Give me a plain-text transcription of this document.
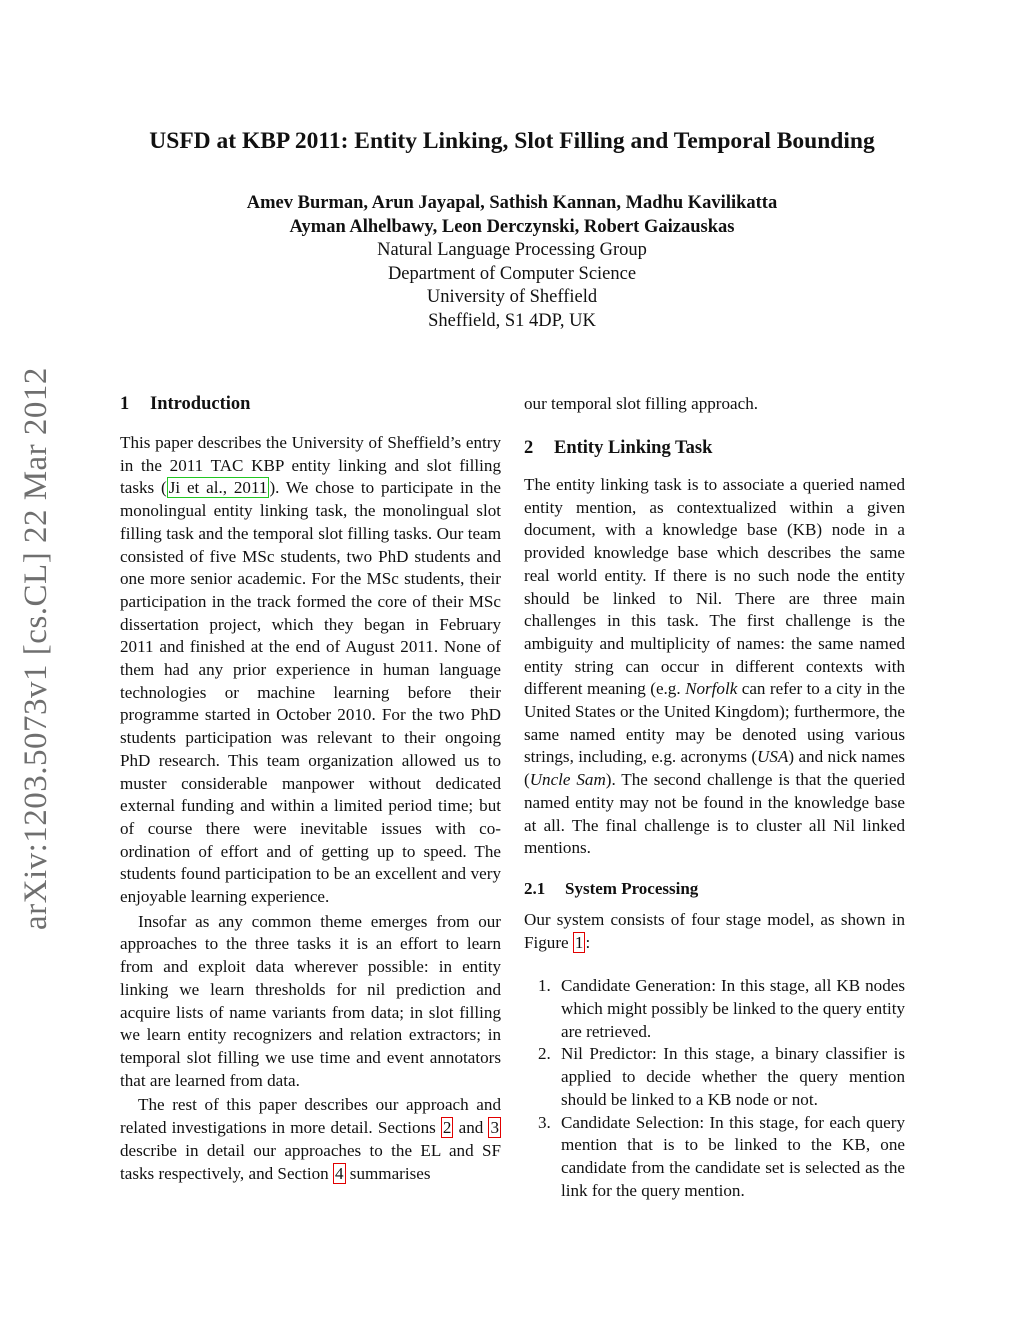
arXiv:1203.5073v1 [cs.CL] 22 Mar 2012
USFD at KBP 2011: Entity Linking, Slot Filling and Temporal Bounding
Amev Burman, Arun Jayapal, Sathish Kannan, Madhu Kavilikatta
Ayman Alhelbawy, Leon Derczynski, Robert Gaizauskas
Natural Language Processing Group
Department of Computer Science
University of Sheffield
Sheffield, S1 4DP, UK
1 Introduction

This paper describes the University of Sheffield’s entry in the 2011 TAC KBP entity linking and slot filling tasks ( Ji et al., 2011 ). We chose to participate in the monolingual entity linking task, the monolingual slot filling task and the temporal slot filling tasks. Our team consisted of five MSc students, two PhD students and one more senior academic. For the MSc students, their participation in the track formed the core of their MSc dissertation project, which they began in February 2011 and finished at the end of August 2011. None of them had any prior experience in human language technologies or machine learning before their programme started in October 2010. For the two PhD students participation was relevant to their ongoing PhD research. This team organization allowed us to muster considerable manpower without dedicated external funding and within a limited period time; but of course there were inevitable issues with co-ordination of effort and of getting up to speed. The students found participation to be an excellent and very enjoyable learning experience.

Insofar as any common theme emerges from our approaches to the three tasks it is an effort to learn from and exploit data wherever possible: in entity linking we learn thresholds for nil prediction and acquire lists of name variants from data; in slot filling we learn entity recognizers and relation extractors; in temporal slot filling we use time and event annotators that are learned from data.

The rest of this paper describes our approach and related investigations in more detail. Sections 2 and 3 describe in detail our approaches to the EL and SF tasks respectively, and Section 4 summarises

our temporal slot filling approach.

2 Entity Linking Task

The entity linking task is to associate a queried named entity mention, as contextualized within a given document, with a knowledge base (KB) node in a provided knowledge base which describes the same real world entity. If there is no such node the entity should be linked to Nil. There are three main challenges in this task. The first challenge is the ambiguity and multiplicity of names: the same named entity string can occur in different contexts with different meaning (e.g. Norfolk can refer to a city in the United States or the United Kingdom); furthermore, the same named entity may be denoted using various strings, including, e.g. acronyms (USA) and nick names (Uncle Sam). The second challenge is that the queried named entity may not be found in the knowledge base at all. The final challenge is to cluster all Nil linked mentions.

2.1 System Processing

Our system consists of four stage model, as shown in Figure 1 :

1. Candidate Generation: In this stage, all KB nodes which might possibly be linked to the query entity are retrieved.
2. Nil Predictor: In this stage, a binary classifier is applied to decide whether the query mention should be linked to a KB node or not.
3. Candidate Selection: In this stage, for each query mention that is to be linked to the KB, one candidate from the candidate set is selected as the link for the query mention.
